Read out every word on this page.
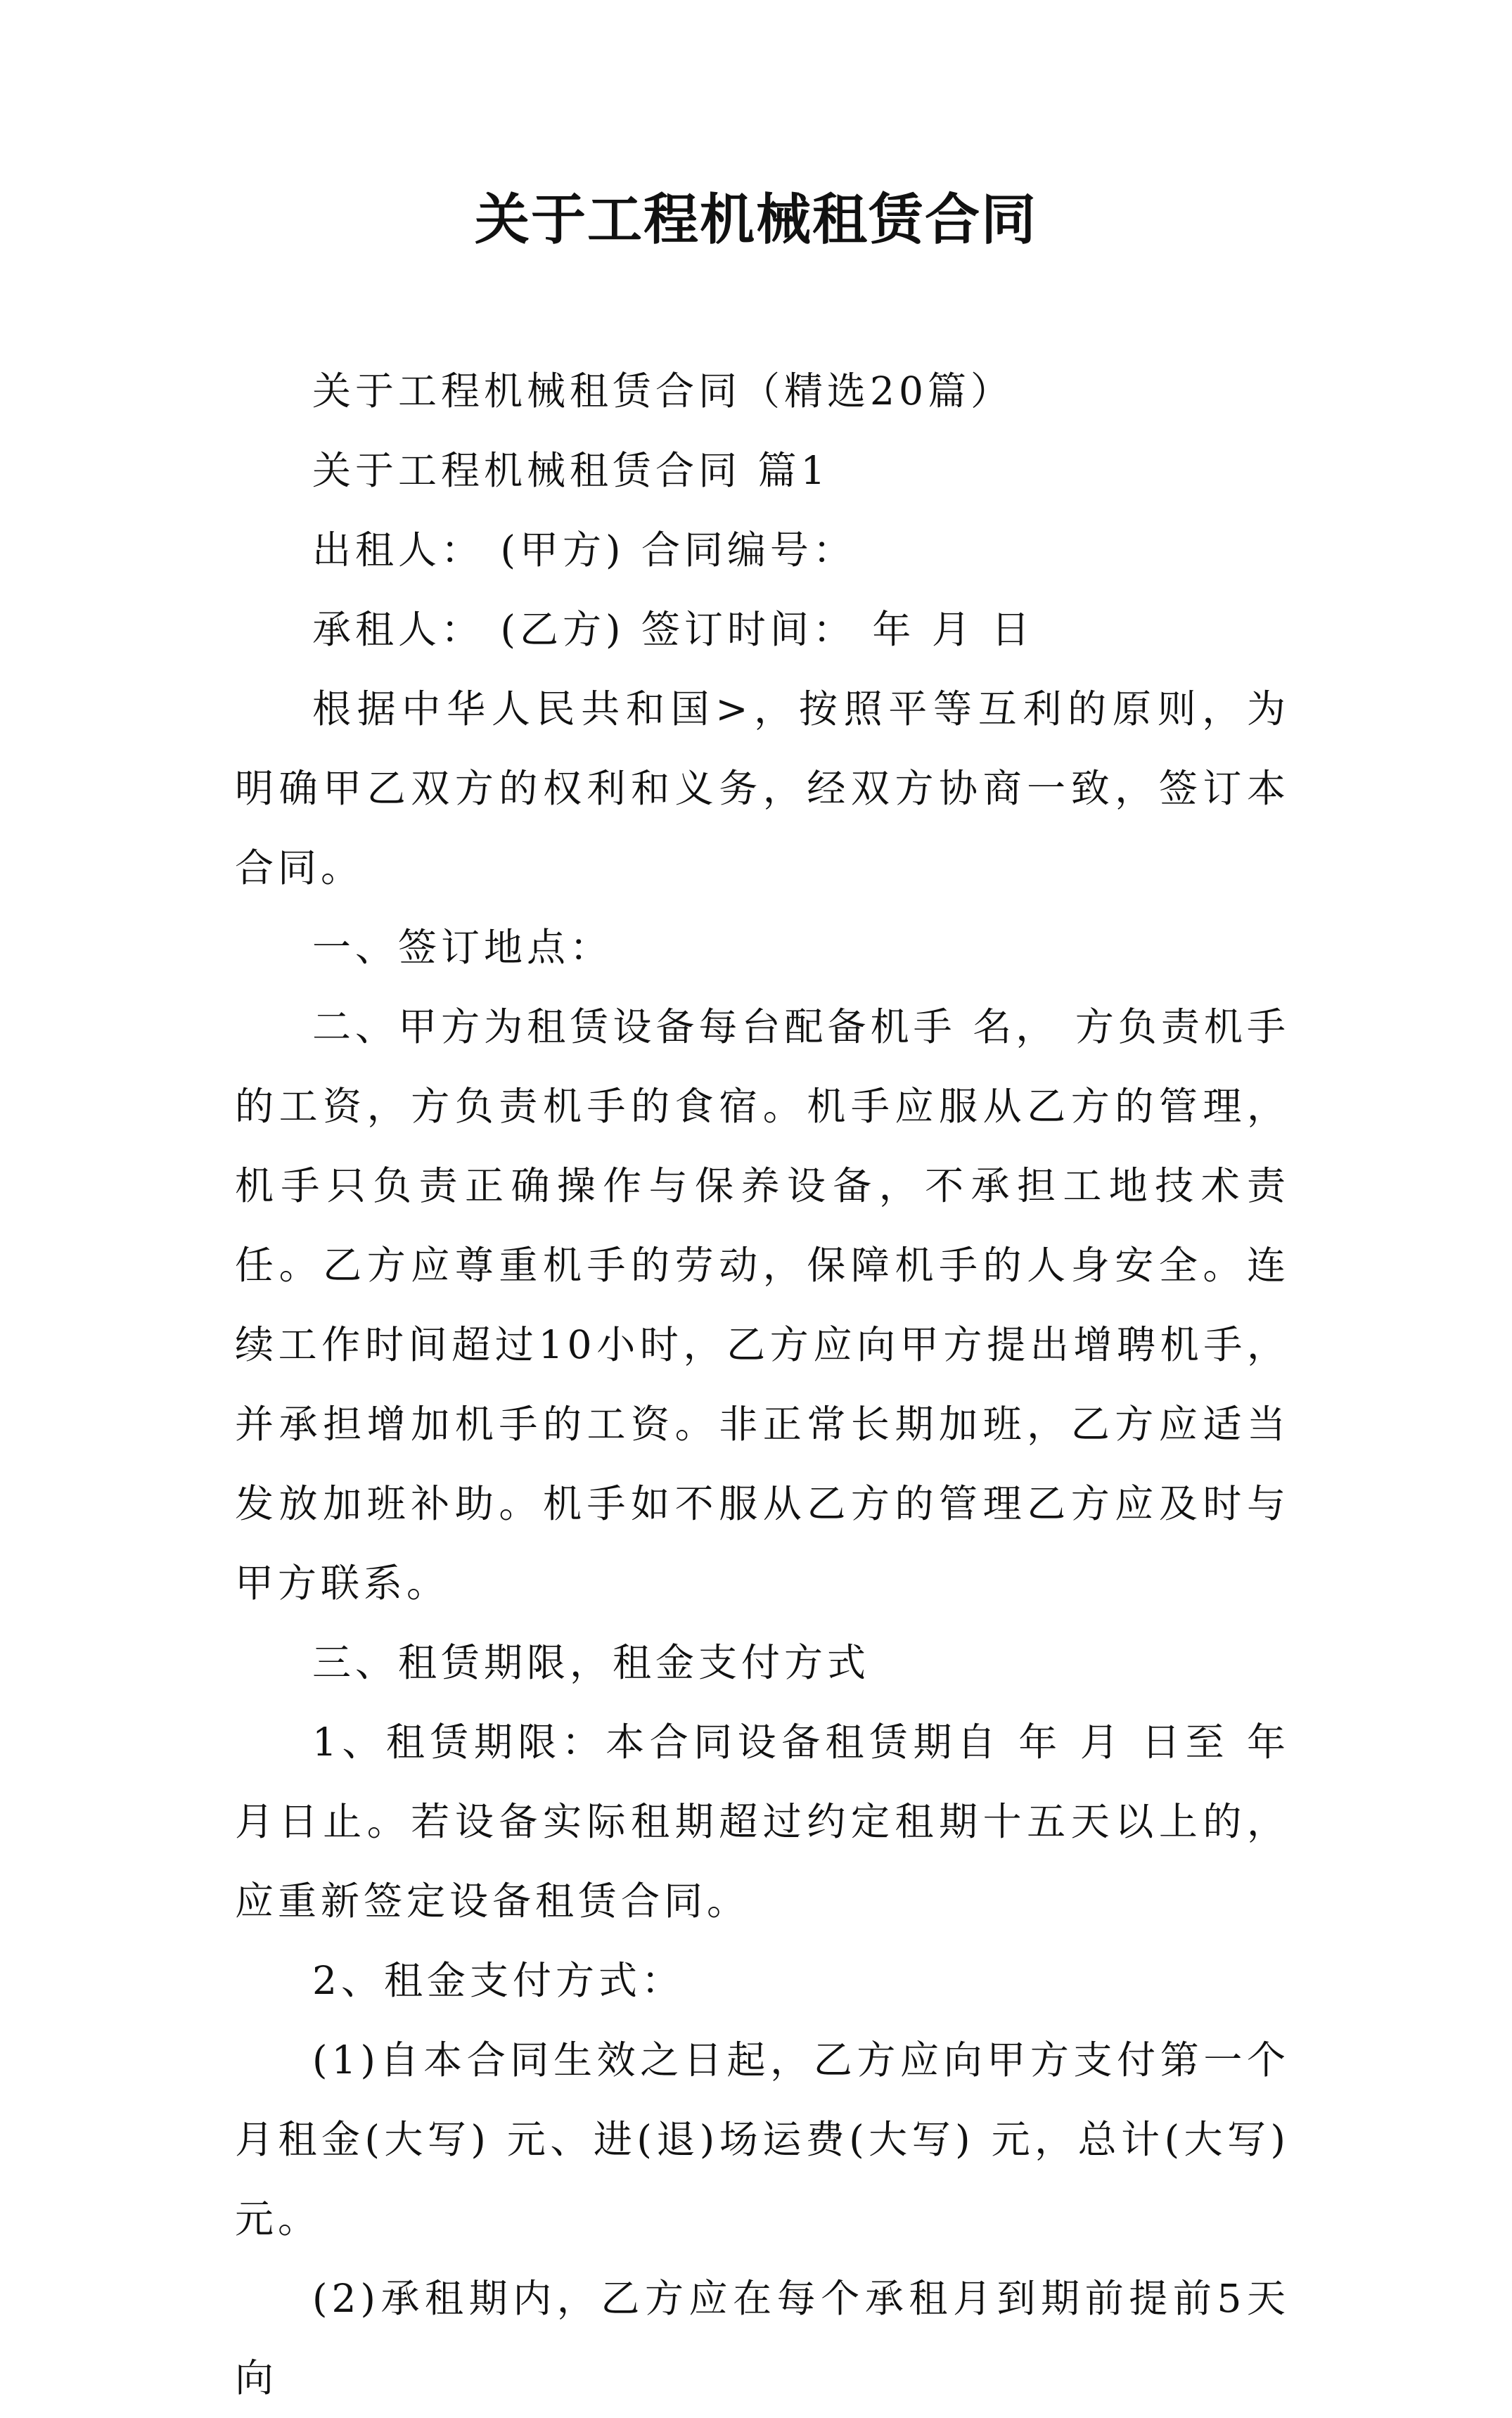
关于工程机械租赁合同

关于工程机械租赁合同（精选20篇）

关于工程机械租赁合同 篇1

出租人： (甲方) 合同编号：

承租人： (乙方) 签订时间： 年 月 日

根据中华人民共和国>，按照平等互利的原则，为明确甲乙双方的权利和义务，经双方协商一致，签订本合同。

一、签订地点：

二、甲方为租赁设备每台配备机手 名， 方负责机手的工资，方负责机手的食宿。机手应服从乙方的管理，机手只负责正确操作与保养设备，不承担工地技术责任。乙方应尊重机手的劳动，保障机手的人身安全。连续工作时间超过10小时，乙方应向甲方提出增聘机手，并承担增加机手的工资。非正常长期加班，乙方应适当发放加班补助。机手如不服从乙方的管理乙方应及时与甲方联系。

三、租赁期限，租金支付方式

1、租赁期限：本合同设备租赁期自 年 月 日至 年 月日止。若设备实际租期超过约定租期十五天以上的，应重新签定设备租赁合同。

2、租金支付方式：

(1)自本合同生效之日起，乙方应向甲方支付第一个月租金(大写) 元、进(退)场运费(大写) 元，总计(大写) 元。

(2)承租期内，乙方应在每个承租月到期前提前5天向
